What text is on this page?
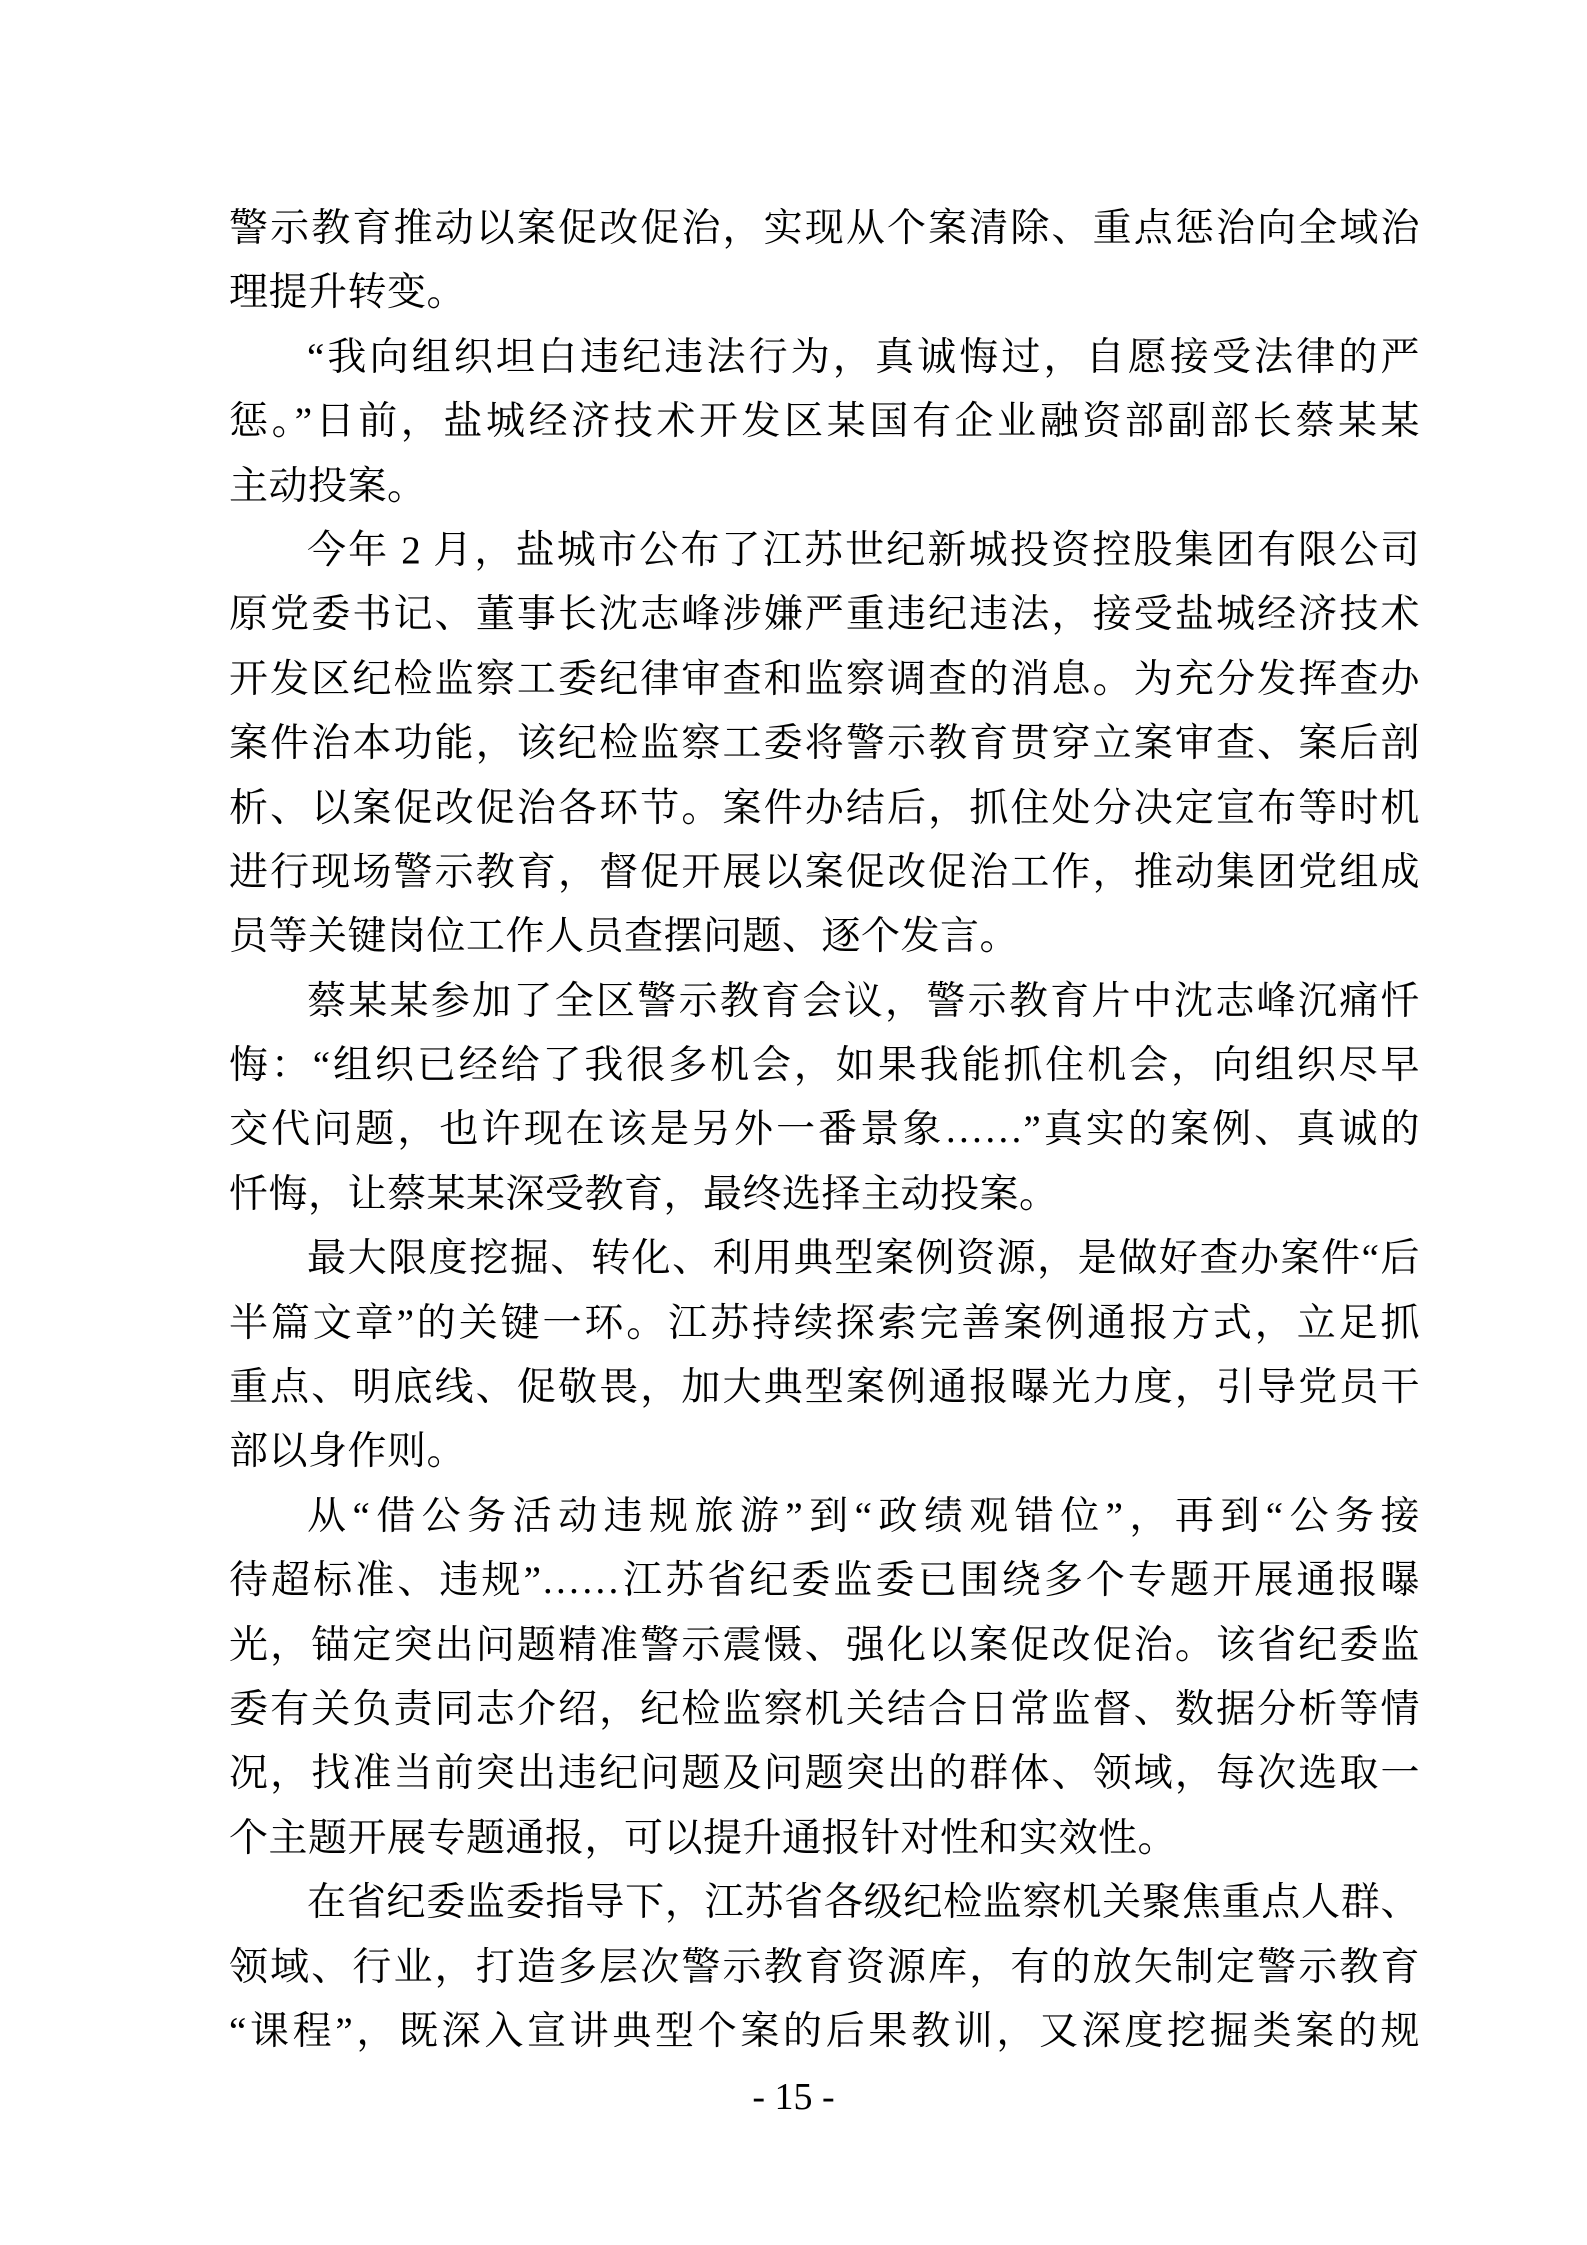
警示教育推动以案促改促治，实现从个案清除、重点惩治向全域治
理提升转变。
“我向组织坦白违纪违法行为，真诚悔过，自愿接受法律的严
惩。”日前，盐城经济技术开发区某国有企业融资部副部长蔡某某
主动投案。
今年 2 月，盐城市公布了江苏世纪新城投资控股集团有限公司
原党委书记、董事长沈志峰涉嫌严重违纪违法，接受盐城经济技术
开发区纪检监察工委纪律审查和监察调查的消息。为充分发挥查办
案件治本功能，该纪检监察工委将警示教育贯穿立案审查、案后剖
析、以案促改促治各环节。案件办结后，抓住处分决定宣布等时机
进行现场警示教育，督促开展以案促改促治工作，推动集团党组成
员等关键岗位工作人员查摆问题、逐个发言。
蔡某某参加了全区警示教育会议，警示教育片中沈志峰沉痛忏
悔：“组织已经给了我很多机会，如果我能抓住机会，向组织尽早
交代问题，也许现在该是另外一番景象……”真实的案例、真诚的
忏悔，让蔡某某深受教育，最终选择主动投案。
最大限度挖掘、转化、利用典型案例资源，是做好查办案件“后
半篇文章”的关键一环。江苏持续探索完善案例通报方式，立足抓
重点、明底线、促敬畏，加大典型案例通报曝光力度，引导党员干
部以身作则。
从“借公务活动违规旅游”到“政绩观错位”，再到“公务接
待超标准、违规”……江苏省纪委监委已围绕多个专题开展通报曝
光，锚定突出问题精准警示震慑、强化以案促改促治。该省纪委监
委有关负责同志介绍，纪检监察机关结合日常监督、数据分析等情
况，找准当前突出违纪问题及问题突出的群体、领域，每次选取一
个主题开展专题通报，可以提升通报针对性和实效性。
在省纪委监委指导下，江苏省各级纪检监察机关聚焦重点人群、
领域、行业，打造多层次警示教育资源库，有的放矢制定警示教育
“课程”，既深入宣讲典型个案的后果教训，又深度挖掘类案的规
- 15 -
